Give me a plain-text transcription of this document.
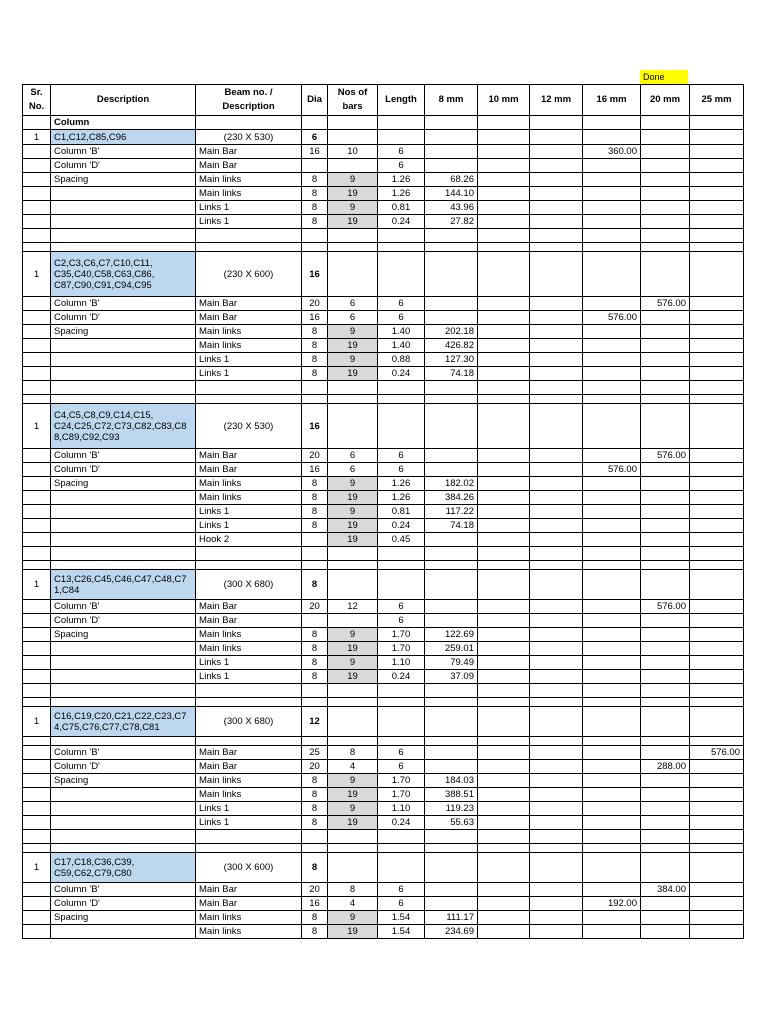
Done
Sr. No.	Description	Beam no. / Description	Dia	Nos of bars	Length	8 mm	10 mm	12 mm	16 mm	20 mm	25 mm
	Column										
1	C1,C12,C85,C96	(230 X 530)	6								
	Column 'B'	Main Bar	16	10	6				360.00		
	Column 'D'	Main Bar			6						
	Spacing	Main links	8	9	1.26	68.26					
		Main links	8	19	1.26	144.10					
		Links 1	8	9	0.81	43.96					
		Links 1	8	19	0.24	27.82					

1	C2,C3,C6,C7,C10,C11,
C35,C40,C58,C63,C86,
C87,C90,C91,C94,C95	(230 X 600)	16								
	Column 'B'	Main Bar	20	6	6					576.00	
	Column 'D'	Main Bar	16	6	6				576.00		
	Spacing	Main links	8	9	1.40	202.18					
		Main links	8	19	1.40	426.82					
		Links 1	8	9	0.88	127.30					
		Links 1	8	19	0.24	74.18					

1	C4,C5,C8,C9,C14,C15,
C24,C25,C72,C73,C82,C83,C8
8,C89,C92,C93	(230 X 530)	16								
	Column 'B'	Main Bar	20	6	6					576.00	
	Column 'D'	Main Bar	16	6	6				576.00		
	Spacing	Main links	8	9	1.26	182.02					
		Main links	8	19	1.26	384.26					
		Links 1	8	9	0.81	117.22					
		Links 1	8	19	0.24	74.18					
		Hook 2		19	0.45						

1	C13,C26,C45,C46,C47,C48,C7
1,C84	(300 X 680)	8								
	Column 'B'	Main Bar	20	12	6					576.00	
	Column 'D'	Main Bar			6						
	Spacing	Main links	8	9	1.70	122.69					
		Main links	8	19	1.70	259.01					
		Links 1	8	9	1.10	79.49					
		Links 1	8	19	0.24	37.09					

1	C16,C19,C20,C21,C22,C23,C7
4,C75,C76,C77,C78,C81	(300 X 680)	12								

	Column 'B'	Main Bar	25	8	6						576.00
	Column 'D'	Main Bar	20	4	6					288.00	
	Spacing	Main links	8	9	1.70	184.03					
		Main links	8	19	1.70	388.51					
		Links 1	8	9	1.10	119.23					
		Links 1	8	19	0.24	55.63					

1	C17,C18,C36,C39,
C59,C62,C79,C80	(300 X 600)	8								
	Column 'B'	Main Bar	20	8	6					384.00	
	Column 'D'	Main Bar	16	4	6				192.00		
	Spacing	Main links	8	9	1.54	111.17					
		Main links	8	19	1.54	234.69					
